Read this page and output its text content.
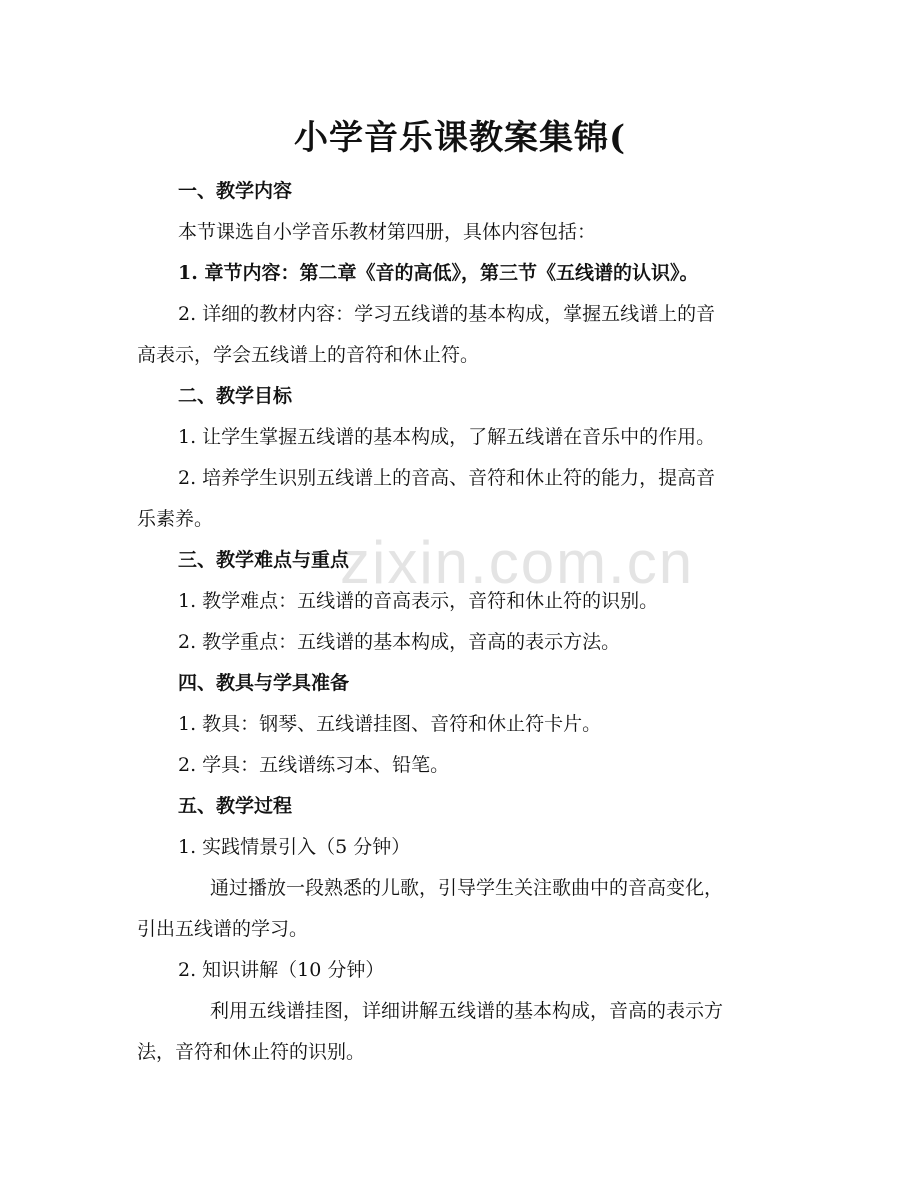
zixin.com.cn
小学音乐课教案集锦(
一、教学内容
本节课选自小学音乐教材第四册，具体内容包括：
1. 章节内容：第二章《音的高低》，第三节《五线谱的认识》。
2. 详细的教材内容：学习五线谱的基本构成，掌握五线谱上的音
高表示，学会五线谱上的音符和休止符。
二、教学目标
1. 让学生掌握五线谱的基本构成，了解五线谱在音乐中的作用。
2. 培养学生识别五线谱上的音高、音符和休止符的能力，提高音
乐素养。
三、教学难点与重点
1. 教学难点：五线谱的音高表示，音符和休止符的识别。
2. 教学重点：五线谱的基本构成，音高的表示方法。
四、教具与学具准备
1. 教具：钢琴、五线谱挂图、音符和休止符卡片。
2. 学具：五线谱练习本、铅笔。
五、教学过程
1. 实践情景引入（5 分钟）
通过播放一段熟悉的儿歌，引导学生关注歌曲中的音高变化，
引出五线谱的学习。
2. 知识讲解（10 分钟）
利用五线谱挂图，详细讲解五线谱的基本构成，音高的表示方
法，音符和休止符的识别。
